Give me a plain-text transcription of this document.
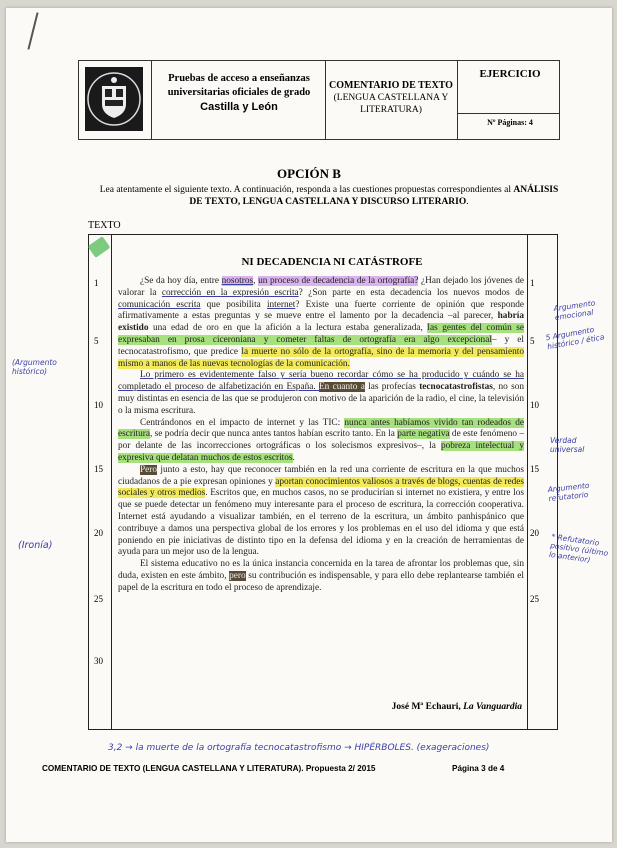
Pruebas de acceso a enseñanzas
universitarias oficiales de grado
Castilla y León
COMENTARIO DE TEXTO
(LENGUA CASTELLANA Y LITERATURA)
EJERCICIO
Nº Páginas: 4
OPCIÓN B
Lea atentamente el siguiente texto. A continuación, responda a las cuestiones propuestas correspondientes al ANÁLISIS DE TEXTO, LENGUA CASTELLANA Y DISCURSO LITERARIO.
TEXTO
NI DECADENCIA NI CATÁSTROFE
1
5
10
15
20
25
30
1
5
10
15
20
25

¿Se da hoy día, entre nosotros, un proceso de decadencia de la ortografía? ¿Han dejado los jóvenes de valorar la corrección en la expresión escrita? ¿Son parte en esta decadencia los nuevos modos de comunicación escrita que posibilita internet? Existe una fuerte corriente de opinión que responde afirmativamente a estas preguntas y se mueve entre el lamento por la decadencia –al parecer, habría existido una edad de oro en que la afición a la lectura estaba generalizada, las gentes del común se expresaban en prosa ciceroniana y cometer faltas de ortografía era algo excepcional– y el tecnocatastrofismo, que predice la muerte no sólo de la ortografía, sino de la memoria y del pensamiento mismo a manos de las nuevas tecnologías de la comunicación.

Lo primero es evidentemente falso y sería bueno recordar cómo se ha producido y cuándo se ha completado el proceso de alfabetización en España. En cuanto a las profecías tecnocatastrofistas, no son muy distintas en esencia de las que se produjeron con motivo de la aparición de la radio, el cine, la televisión o la misma escritura.

Centrándonos en el impacto de internet y las TIC: nunca antes habíamos vivido tan rodeados de escritura, se podría decir que nunca antes tantos habían escrito tanto. En la parte negativa de este fenómeno –por delante de las incorrecciones ortográficas o los solecismos expresivos–, la pobreza intelectual y expresiva que delatan muchos de estos escritos.

Pero junto a esto, hay que reconocer también en la red una corriente de escritura en la que muchos ciudadanos de a pie expresan opiniones y aportan conocimientos valiosos a través de blogs, cuentas de redes sociales y otros medios. Escritos que, en muchos casos, no se producirían si internet no existiera, y entre los que se puede detectar un fenómeno muy interesante para el proceso de escritura, la corrección cooperativa. Internet está ayudando a visualizar también, en el terreno de la escritura, un ámbito panhispánico que contribuye a damos una perspectiva global de los errores y los problemas en el uso del idioma y que está poniendo en pie iniciativas de distinto tipo en la defensa del idioma y en la creación de herramientas de ayuda para un mejor uso de la lengua.

El sistema educativo no es la única instancia concernida en la tarea de afrontar los problemas que, sin duda, existen en este ámbito, pero su contribución es indispensable, y para ello debe replantearse también el papel de la escritura en todo el proceso de aprendizaje.

José Mª Echauri, La Vanguardia
Argumento emocional
5 Argumento histórico / ética
(Argumento histórico)
Verdad universal
Argumento refutatorio
(Ironía)	* Refutatorio positivo (último lo anterior)
3,2 → la muerte de la ortografía tecnocatastrofismo → HIPÉRBOLES. (exageraciones)
COMENTARIO DE TEXTO (LENGUA CASTELLANA Y LITERATURA). Propuesta 2/ 2015	Página 3 de 4
